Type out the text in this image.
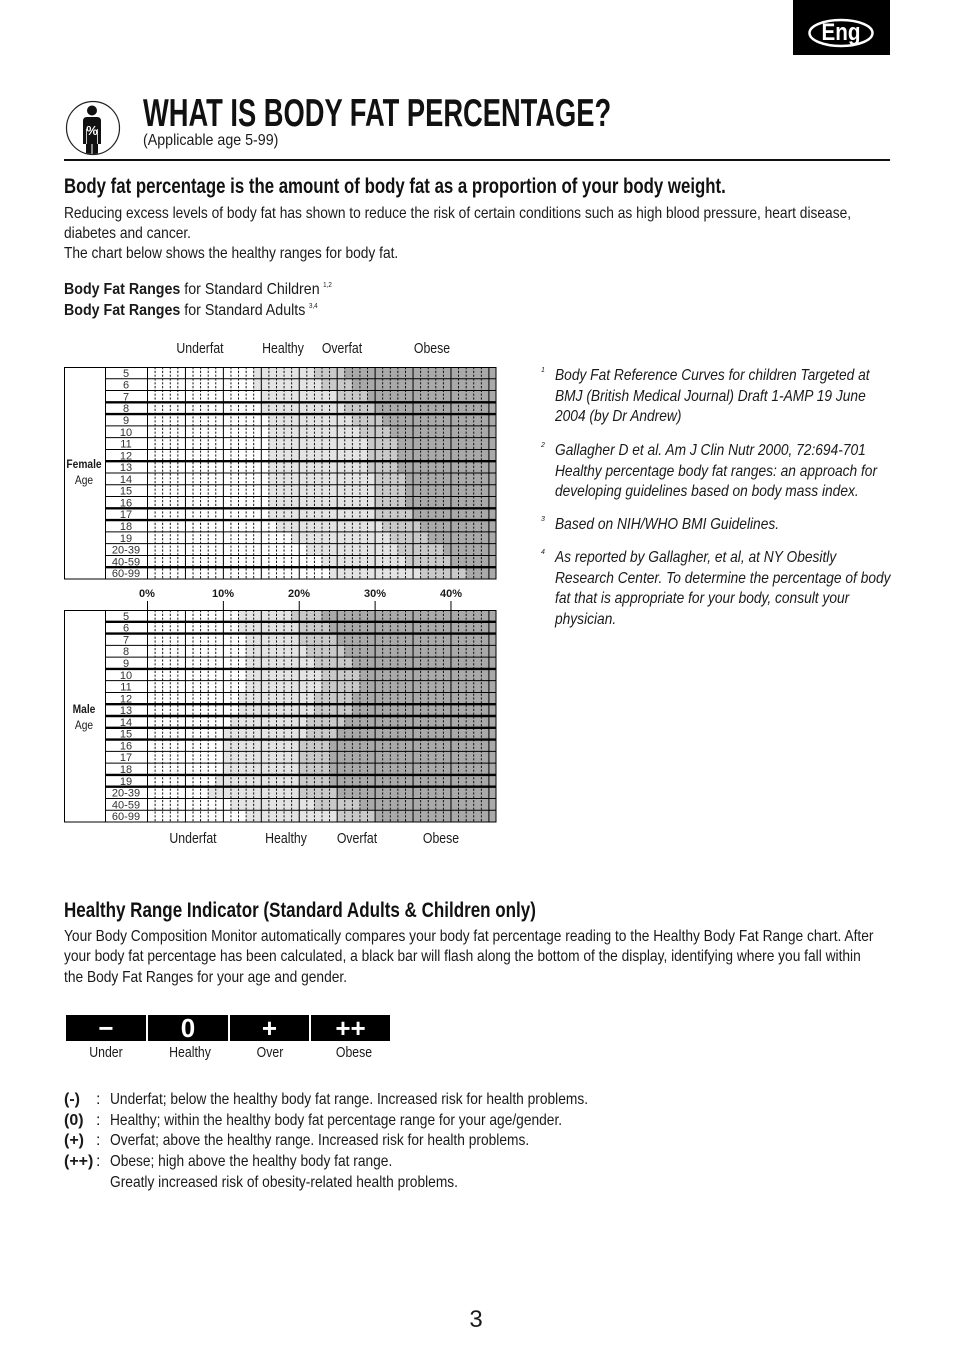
Eng
% WHAT IS BODY FAT PERCENTAGE?
(Applicable age 5-99)
Body fat percentage is the amount of body fat as a proportion of your body weight.
Reducing excess levels of body fat has shown to reduce the risk of certain conditions such as high blood pressure, heart disease,
diabetes and cancer.
The chart below shows the healthy ranges for body fat.
Body Fat Ranges for Standard Children $^{1,2}$
Body Fat Ranges for Standard Adults $^{3,4}$
Underfat	Healthy Overfat	Obese
5
6
7
8
9
10
11
12
13
14
15
16
17
18
19
20-39
40-59
60-99
Female
Age
0%	10%	20%	30%	40%
5
6
7
8
9
10
11
12
13
14
15
16
17
18
19
20-39
40-59
60-99
Male
Age
Underfat	Healthy Overfat	Obese
1 Body Fat Reference Curves for children Targeted at
BMJ (British Medical Journal) Draft 1-AMP 19 June
2004 (by Dr Andrew)
2 Gallagher D et al. Am J Clin Nutr 2000, 72:694-701
Healthy percentage body fat ranges: an approach for
developing guidelines based on body mass index.
3 Based on NIH/WHO BMI Guidelines.
4 As reported by Gallagher, et al, at NY Obesitly
Research Center. To determine the percentage of body
fat that is appropriate for your body, consult your
physician.
Healthy Range Indicator (Standard Adults & Children only)
Your Body Composition Monitor automatically compares your body fat percentage reading to the Healthy Body Fat Range chart. After
your body fat percentage has been calculated, a black bar will flash along the bottom of the display, identifying where you fall within
the Body Fat Ranges for your age and gender.
−	0	+	++
Under	Healthy	Over	Obese
(-) : Underfat; below the healthy body fat range. Increased risk for health problems.
(0) : Healthy; within the healthy body fat percentage range for your age/gender.
(+) : Overfat; above the healthy range. Increased risk for health problems.
(++) : Obese; high above the healthy body fat range.
Greatly increased risk of obesity-related health problems.
3
